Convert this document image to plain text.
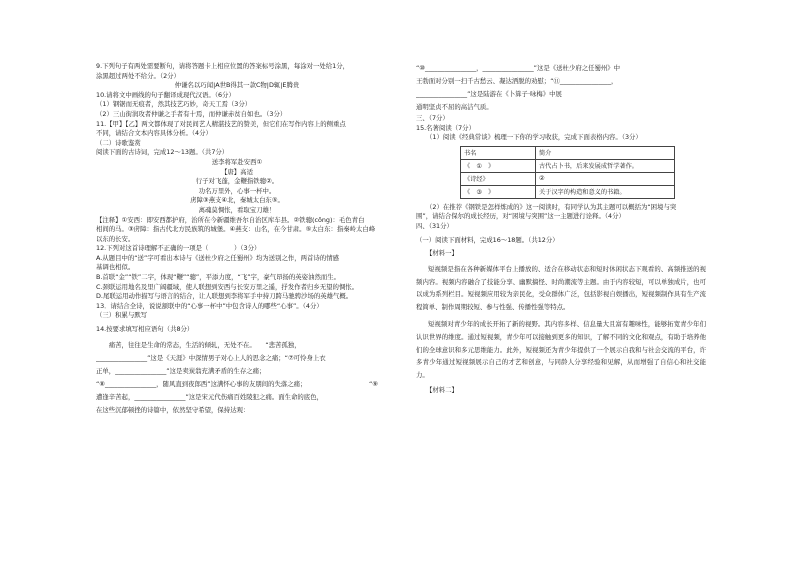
9.下列句子有两处需要断句，请将答题卡上相应位置的答案标号涂黑，每涂对一处给1分，
涂黑超过两处不给分。（2分）
仲谦名以巧闻|A世B得其一款C物|D辄|E腾贵
10.请将文中画线的句子翻译成现代汉语。（6分）
（1）钢锯而无痕者，然其技艺巧妙，奇天工焉（3分）
（2）三山街润攻者仲谦之手者有十焉，而仲谦赤贫自如也。（3分）
11.【甲】【乙】两文都体现了对民间艺人精湛技艺的赞美，但它们在写作内容上的侧重点
不同，请结合文本内容具体分析。（4分）
（二）诗歌鉴赏
阅读下面的古诗词，完成12～13题。（共7分）
送李将军赴安西①
【唐】高适
行子对飞蓬，金鞭指铁骢②。
功名万里外，心事一杯中。
虏障③燕支④北，秦城太白东⑤。
离魂莫惆怅，看取宝刀雄！
【注释】①安西：即安西都护府，治所在今新疆维吾尔自治区库车县。②铁骢(cōng)：毛色青白
相间的马。③虏障：指古代北方民族筑的城堡。④燕支：山名，在今甘肃。⑤太白东：指秦岭太白峰
以东的长安。
12.下列对这首诗理解不正确的一项是（　　　　）（3分）
A.从题目中的“送”字可看出本诗与《送杜少府之任蜀州》均为送别之作，两首诗的情感
基调也相似。
B.首联“金”“铁”二字，体现“鞭”“骢”，平添力度，“飞”字，豪气昂扬的英姿油然而生。
C.颈联运用地名及里广阔疆域，使人联想到安西与长安万里之遥，抒发作者归乡无望的惆怅。
D.尾联运用动作描写与语言的结合，让人联想到李将军手中持刀跨马驰骋沙场的英雄气概。
13．请结合全诗，说说颔联中的“心事一杯中”中包含诗人的哪些“心事”。（4分）
（三）积累与默写
14.按要求填写相应语句（共8分）
　　痛苦，往往是生命的常态，生活的倾轧，无处不在。　　“悲苦孤独，
________________”这是《天涯》中深情男子对心上人的思念之痛；“⑦可怜身上衣
正单，________________”这是卖炭翁充满矛盾的生存之痛；
“⑧________________，随风直到夜郎西”这满怀心事的友朋间的失落之痛；	“⑨
遭逢辛苦起，________________”这是宋元代伤痛百姓陵犯之痛。面生命的底色，
在这些沉郁顿挫的诗篇中，依然坚守希望，保持达观：
“⑩________________，________________”这是《送杜少府之任蜀州》中
王勃面对分别一扫千古愁云、凝达洒脱的劝慰；“⑪________________，
________________”这是陆游在《卜算子·咏梅》中展
通明坚贞不屈的高洁气质。
三、（7分）
15.名著阅读（7分）
（1）阅读《经典常谈》梳理一下你的学习收获，完成下面表格内容。（3分）
书名	简介
《　①　》	古代占卜书，后来发展成哲学著作。
《诗经》	②
《　③　》	关于汉字的构造和意义的书籍。
（2）在推荐《钢铁是怎样炼成的》这一阅读时，有同学认为其主题可以概括为“困境与突
围”，请结合保尔的成长经历，对“困境与突围”这一主题进行诠释。（4分）
四、（31分）
（一）阅读下面材料，完成16～18题。（共12分）
【材料一】

短视频是指在各种新媒体平台上播放的、适合在移动状态和短时休闲状态下观看的、高频推送的视频内容。视频内容融合了技能分享、幽默搞怪、时尚潮流等主题。由于内容较短，可以单独成片，也可以成为系列栏目。短视频应用较为亲民化，受众群体广泛，包括影视自娱播出，短视频制作具有生产流程简单、制作周期较短、参与性强、传播性强等特点。

短视频对青少年的成长开拓了新的视野。其内容多样、信息量大且富有趣味性，能够拓宽青少年们认识世界的维度。通过短视频，青少年可以接触到更多的知识，了解不同的文化和观点，有助于培养他们的全球意识和多元思维能力。此外，短视频还为青少年提供了一个展示自我和与社会交流的平台，许多青少年通过短视频展示自己的才艺和创意，与同龄人分享经验和见解，从而增强了自信心和社交能力。

【材料二】
